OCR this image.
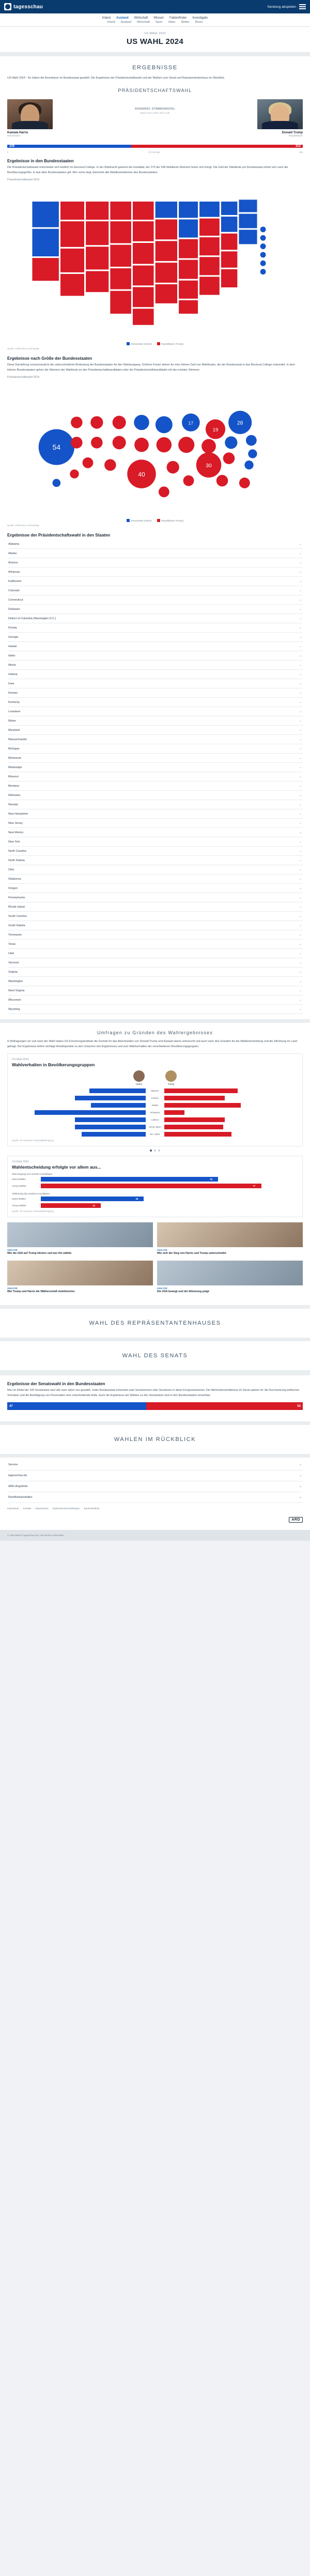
tagesschau	Sendung abspielen
Inland Ausland Wirtschaft Wissen Faktenfinder Investigativ
Inland Ausland Wirtschaft Sport Video Wetter Börse
US-WAHL 2024
US WAHL 2024
ERGEBNISSE

US-Wahl 2024 - So haben die Amerikaner im Bundesstaat gewählt. Die Ergebnisse der Präsidentschaftswahl und der Wahlen zum Senat und Repräsentantenhaus im Überblick.

PRÄSIDENTSCHAFTSWAHL
Kamala Harris
Demokraten
ERGEBNIS, STIMMENANTEIL
Stand: 06.11.2024, 06:41 Uhr
Donald Trump
Republikaner
226	312
0	270 benötigt	538
Ergebnisse in den Bundesstaaten

Die Präsidentschaftswahl entscheidet sich letztlich im Electoral College. In der Wahlnacht gewinnt der Kandidat, der 270 der 538 Wahlleute-Stimmen hinter sich bringt. Die Zahl der Wahlleute pro Bundesstaat richtet sich nach der Bevölkerungsgröße. In fast allen Bundesstaaten gilt: Wer vorne liegt, bekommt alle Wahlleutestimmen des Bundesstaates.

Präsidentschaftswahl 2024
Demokraten (Harris)	Republikaner (Trump)
Quelle: AP/Election.com/nasdaq
Ergebnisse nach Größe der Bundesstaaten

Diese Darstellung veranschaulicht die unterschiedliche Bedeutung der Bundesstaaten für den Wahlausgang. Größere Kreise stehen für eine höhere Zahl von Wahlleuten, die der Bundesstaat in das Electoral College entsendet. In dem kleinen Bundesstaaten gehen die Stimmen der Wahlleute an den Präsidentschaftskandidaten oder die Präsidentschaftskandidatin mit den meisten Stimmen.

Präsidentschaftswahl 2024
54
40
30
28
19
17
Demokraten (Harris)	Republikaner (Trump)
Quelle: AP/Election.com/nasdaq
Ergebnisse der Präsidentschaftswahl in den Staaten
Alabama	⌄
Alaska	⌄
Arizona	⌄
Arkansas	⌄
Kalifornien	⌄
Colorado	⌄
Connecticut	⌄
Delaware	⌄
District of Columbia (Washington D.C.)	⌄
Florida	⌄
Georgia	⌄
Hawaii	⌄
Idaho	⌄
Illinois	⌄
Indiana	⌄
Iowa	⌄
Kansas	⌄
Kentucky	⌄
Louisiana	⌄
Maine	⌄
Maryland	⌄
Massachusetts	⌄
Michigan	⌄
Minnesota	⌄
Mississippi	⌄
Missouri	⌄
Montana	⌄
Nebraska	⌄
Nevada	⌄
New Hampshire	⌄
New Jersey	⌄
New Mexico	⌄
New York	⌄
North Carolina	⌄
North Dakota	⌄
Ohio	⌄
Oklahoma	⌄
Oregon	⌄
Pennsylvania	⌄
Rhode Island	⌄
South Carolina	⌄
South Dakota	⌄
Tennessee	⌄
Texas	⌄
Utah	⌄
Vermont	⌄
Virginia	⌄
Washington	⌄
West Virginia	⌄
Wisconsin	⌄
Wyoming	⌄
Umfragen zu Gründen des Wahlergebnisses

In Befragungen vor und nach der Wahl haben US-Forschungsinstitute die Gründe für das Abschneiden von Donald Trump und Kamala Harris untersucht und auch nach den Gründen für die Wahlentscheidung und die Stimmung im Land gefragt. Die Ergebnisse liefern wichtige Anhaltspunkte zu den Ursachen des Ergebnisses und zum Wahlverhalten der verschiedenen Bevölkerungsgruppen.

US-Wahl 2024
Wahlverhalten in Bevölkerungsgruppen
Harris	Trump
42
Männer
55
53
Frauen
45
41
Weiße
57
83
Schwarze
15
53
Latinos
45
53
18-29 Jahre
44
48
65+ Jahre
50
Quelle: AP VoteCast / Nachwahlbefragung
US-Wahl 2024
Wahlentscheidung erfolgte vor allem aus...
Überzeugung von meinem Kandidaten
Harris-Wähler	62
Trump-Wähler	77
Ablehnung des anderen Kandidaten
Harris-Wähler	36
Trump-Wähler	21
Quelle: AP VoteCast / Nachwahlbefragung
ANALYSE
Wie die USA auf Trump blicken und wer ihn wählte
ANALYSE
Wie sich der Sieg von Harris und Trump unterscheidet
ANALYSE
Wie Trump und Harris die Wählerschaft mobilisierten
ANALYSE
Die USA bewegt und die Stimmung prägt
WAHL DES REPRÄSENTANTENHAUSES
WAHL DES SENATS
Ergebnisse der Senatswahl in den Bundesstaaten

Neu im Drittel der 100 Senatssitze wird alle zwei Jahre neu gewählt. Jeder Bundesstaat entsendet zwei Senatorinnen oder Senatoren in diese Kongresskammer. Die Mehrheitsverhältnisse im Senat spielen für die Durchsetzung politischer Vorhaben und die Bestätigung von Personalien eine entscheidende Rolle. Auch die Ergebnisse der Wahlen zu den Senatssitze sind in den Bundesstaaten einsehbar.

47	53
WAHLEN IM RÜCKBLICK
Service	⌄
tagesschau.de	⌄
ARD-Angebote	⌄
Rundfunkanstalten	⌄
Impressum Kontakt Datenschutz Datenschutzeinstellungen Barrierefreiheit
ARD
© ARD-aktuell / tagesschau.de | Alle Rechte vorbehalten
